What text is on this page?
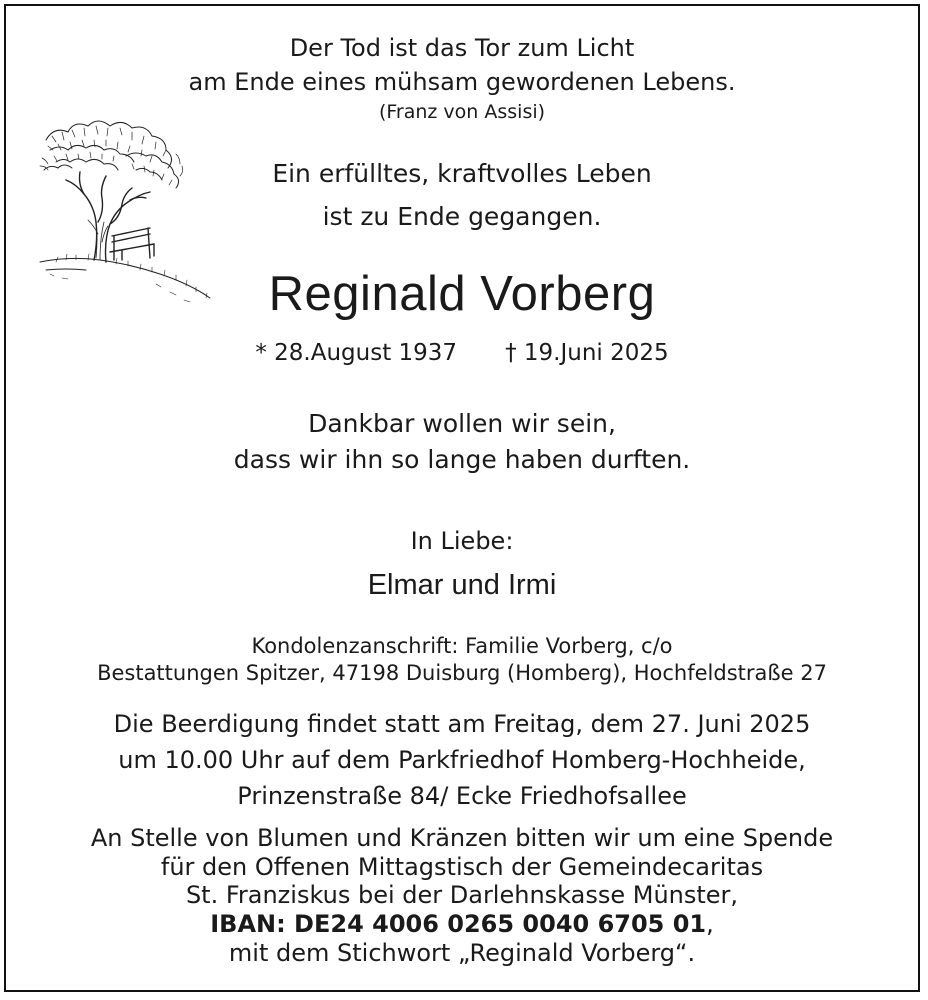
Der Tod ist das Tor zum Licht
am Ende eines mühsam gewordenen Lebens.
(Franz von Assisi)
Ein erfülltes, kraftvolles Leben
ist zu Ende gegangen.
Reginald Vorberg
* 28.August 1937 † 19.Juni 2025
Dankbar wollen wir sein,
dass wir ihn so lange haben durften.
In Liebe:
Elmar und Irmi
Kondolenzanschrift: Familie Vorberg, c/o
Bestattungen Spitzer, 47198 Duisburg (Homberg), Hochfeldstraße 27
Die Beerdigung findet statt am Freitag, dem 27. Juni 2025
um 10.00 Uhr auf dem Parkfriedhof Homberg-Hochheide,
Prinzenstraße 84/ Ecke Friedhofsallee
An Stelle von Blumen und Kränzen bitten wir um eine Spende
für den Offenen Mittagstisch der Gemeindecaritas
St. Franziskus bei der Darlehnskasse Münster,
IBAN: DE24 4006 0265 0040 6705 01,
mit dem Stichwort „Reginald Vorberg“.
